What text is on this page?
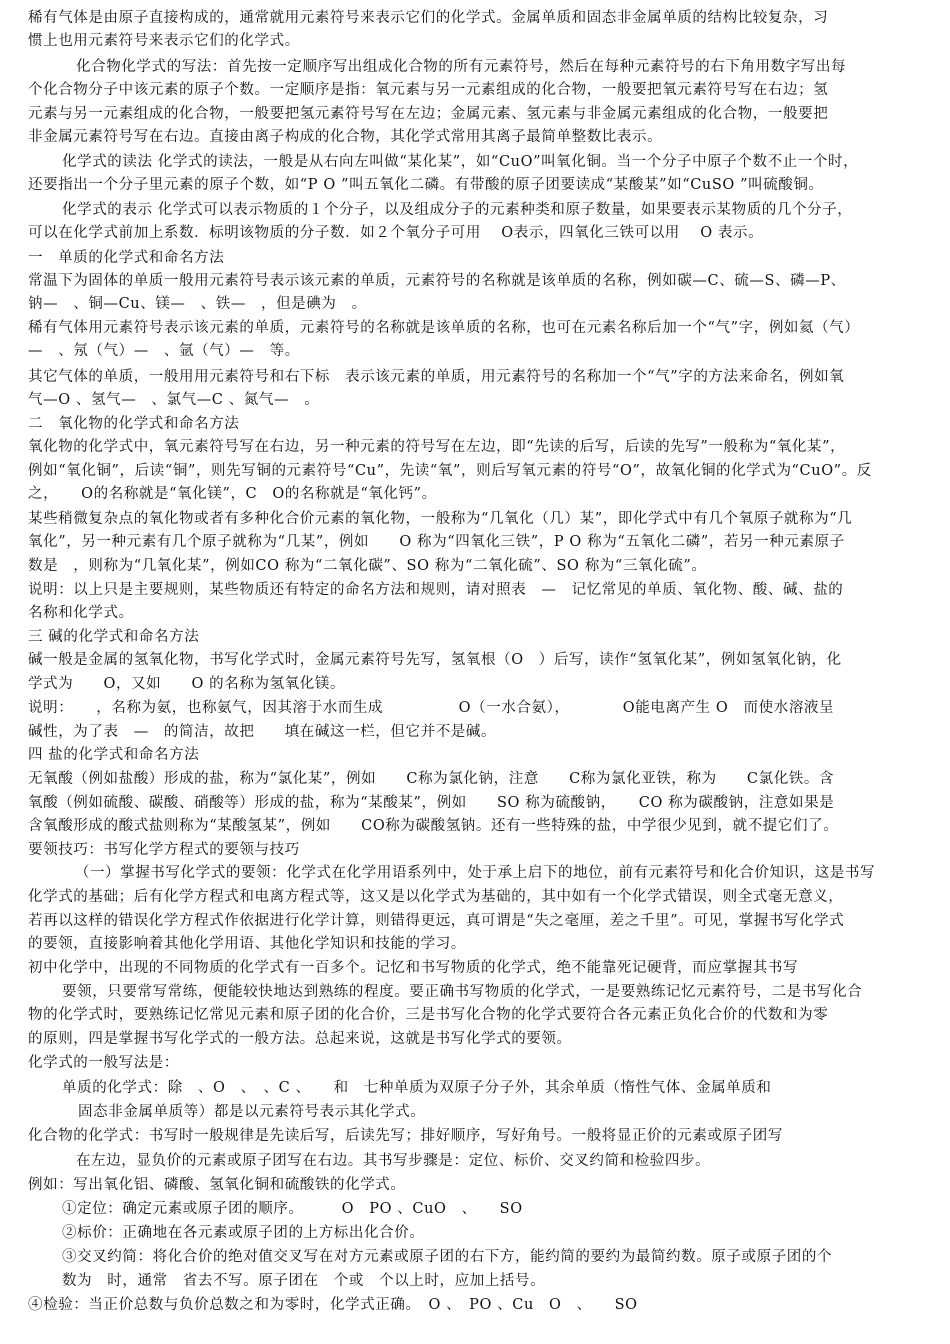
稀有气体是由原子直接构成的，通常就用元素符号来表示它们的化学式。金属单质和固态非金属单质的结构比较复杂，习
惯上也用元素符号来表示它们的化学式。
化合物化学式的写法：首先按一定顺序写出组成化合物的所有元素符号，然后在每种元素符号的右下角用数字写出每
个化合物分子中该元素的原子个数。一定顺序是指：氧元素与另一元素组成的化合物，一般要把氧元素符号写在右边；氢
元素与另一元素组成的化合物，一般要把氢元素符号写在左边；金属元素、氢元素与非金属元素组成的化合物，一般要把
非金属元素符号写在右边。直接由离子构成的化合物，其化学式常用其离子最简单整数比表示。
化学式的读法 化学式的读法，一般是从右向左叫做“某化某”，如“CuO”叫氧化铜。当一个分子中原子个数不止一个时，
还要指出一个分子里元素的原子个数，如“P O ”叫五氧化二磷。有带酸的原子团要读成“某酸某”如“CuSO ”叫硫酸铜。
化学式的表示 化学式可以表示物质的１个分子，以及组成分子的元素种类和原子数量，如果要表示某物质的几个分子，
可以在化学式前加上系数．标明该物质的分子数．如２个氧分子可用　 O表示，四氧化三铁可以用　 O 表示。
一　单质的化学式和命名方法
常温下为固体的单质一般用元素符号表示该元素的单质，元素符号的名称就是该单质的名称，例如碳—C、硫—S、磷—P、
钠—　、铜—Cu、镁—　、铁—　，但是碘为　。
稀有气体用元素符号表示该元素的单质，元素符号的名称就是该单质的名称，也可在元素名称后加一个“气”字，例如氦（气）
—　、氖（气）—　、氩（气）—　等。
其它气体的单质，一般用用元素符号和右下标　表示该元素的单质，用元素符号的名称加一个“气”字的方法来命名，例如氧
气—O 、氢气—　、氯气—C 、氮气—　。
二　氧化物的化学式和命名方法
氧化物的化学式中，氧元素符号写在右边，另一种元素的符号写在左边，即“先读的后写，后读的先写”一般称为“氧化某”，
例如“氧化铜”，后读“铜”，则先写铜的元素符号“Cu”，先读“氧”，则后写氧元素的符号“O”，故氧化铜的化学式为“CuO”。反
之，　　O的名称就是“氧化镁”，C　O的名称就是“氧化钙”。
某些稍微复杂点的氧化物或者有多种化合价元素的氧化物，一般称为“几氧化（几）某”，即化学式中有几个氧原子就称为“几
氧化”，另一种元素有几个原子就称为“几某”，例如　　O 称为“四氧化三铁”，P O 称为“五氧化二磷”，若另一种元素原子
数是　，则称为“几氧化某”，例如CO 称为“二氧化碳”、SO 称为“二氧化硫”、SO 称为“三氧化硫”。
说明：以上只是主要规则，某些物质还有特定的命名方法和规则，请对照表　—　记忆常见的单质、氧化物、酸、碱、盐的
名称和化学式。
三 碱的化学式和命名方法
碱一般是金属的氢氧化物，书写化学式时，金属元素符号先写，氢氧根（O　）后写，读作“氢氧化某”，例如氢氧化钠，化
学式为　　O，又如　　O 的名称为氢氧化镁。
说明：　　，名称为氨，也称氨气，因其溶于水而生成　　　　　O（一水合氨），　　　　O能电离产生 O　而使水溶液呈
碱性，为了表　—　的简洁，故把　　填在碱这一栏，但它并不是碱。
四 盐的化学式和命名方法
无氧酸（例如盐酸）形成的盐，称为“氯化某”，例如　　C称为氯化钠，注意　　C称为氯化亚铁，称为　　C氯化铁。含
氧酸（例如硫酸、碳酸、硝酸等）形成的盐，称为“某酸某”，例如　　SO 称为硫酸钠，　　CO 称为碳酸钠，注意如果是
含氧酸形成的酸式盐则称为“某酸氢某”，例如　　CO称为碳酸氢钠。还有一些特殊的盐，中学很少见到，就不提它们了。
要领技巧：书写化学方程式的要领与技巧
（一）掌握书写化学式的要领：化学式在化学用语系列中，处于承上启下的地位，前有元素符号和化合价知识，这是书写
化学式的基础；后有化学方程式和电离方程式等，这又是以化学式为基础的，其中如有一个化学式错误，则全式毫无意义，
若再以这样的错误化学方程式作依据进行化学计算，则错得更远，真可谓是“失之毫厘，差之千里”。可见，掌握书写化学式
的要领，直接影响着其他化学用语、其他化学知识和技能的学习。
初中化学中，出现的不同物质的化学式有一百多个。记忆和书写物质的化学式，绝不能靠死记硬背，而应掌握其书写
要领，只要常写常练，便能较快地达到熟练的程度。要正确书写物质的化学式，一是要熟练记忆元素符号，二是书写化合
物的化学式时，要熟练记忆常见元素和原子团的化合价，三是书写化合物的化学式要符合各元素正负化合价的代数和为零
的原则，四是掌握书写化学式的一般方法。总起来说，这就是书写化学式的要领。
化学式的一般写法是：
单质的化学式：除　、O　、　、C 、　　和　七种单质为双原子分子外，其余单质（惰性气体、金属单质和
固态非金属单质等）都是以元素符号表示其化学式。
化合物的化学式：书写时一般规律是先读后写，后读先写；排好顺序，写好角号。一般将显正价的元素或原子团写
在左边，显负价的元素或原子团写在右边。其书写步骤是：定位、标价、交叉约简和检验四步。
例如：写出氧化铝、磷酸、氢氧化铜和硫酸铁的化学式。
①定位：确定元素或原子团的顺序。　　　O　PO 、CuO　、　　SO
②标价：正确地在各元素或原子团的上方标出化合价。
③交叉约简：将化合价的绝对值交叉写在对方元素或原子团的右下方，能约简的要约为最简约数。原子或原子团的个
数为　时，通常　省去不写。原子团在　个或　个以上时，应加上括号。
④检验：当正价总数与负价总数之和为零时，化学式正确。　O 、　PO 、Cu　O　、　　SO
